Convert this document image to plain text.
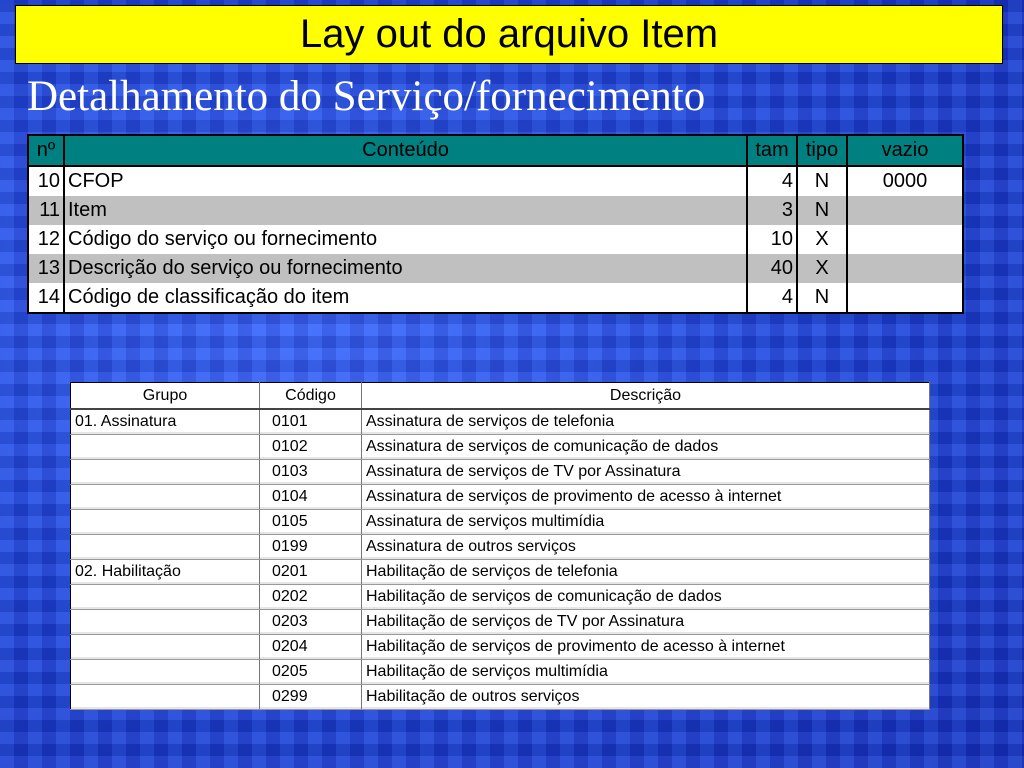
Lay out do arquivo Item
Detalhamento do Serviço/fornecimento
nº	Conteúdo	tam	tipo	vazio
10	CFOP	4	N	0000
11	Item	3	N	
12	Código do serviço ou fornecimento	10	X	
13	Descrição do serviço ou fornecimento	40	X	
14	Código de classificação do item	4	N	
Grupo	Código	Descrição
01. Assinatura	0101	Assinatura de serviços de telefonia
	0102	Assinatura de serviços de comunicação de dados
	0103	Assinatura de serviços de TV por Assinatura
	0104	Assinatura de serviços de provimento de acesso à internet
	0105	Assinatura de serviços multimídia
	0199	Assinatura de outros serviços
02. Habilitação	0201	Habilitação de serviços de telefonia
	0202	Habilitação de serviços de comunicação de dados
	0203	Habilitação de serviços de TV por Assinatura
	0204	Habilitação de serviços de provimento de acesso à internet
	0205	Habilitação de serviços multimídia
	0299	Habilitação de outros serviços
